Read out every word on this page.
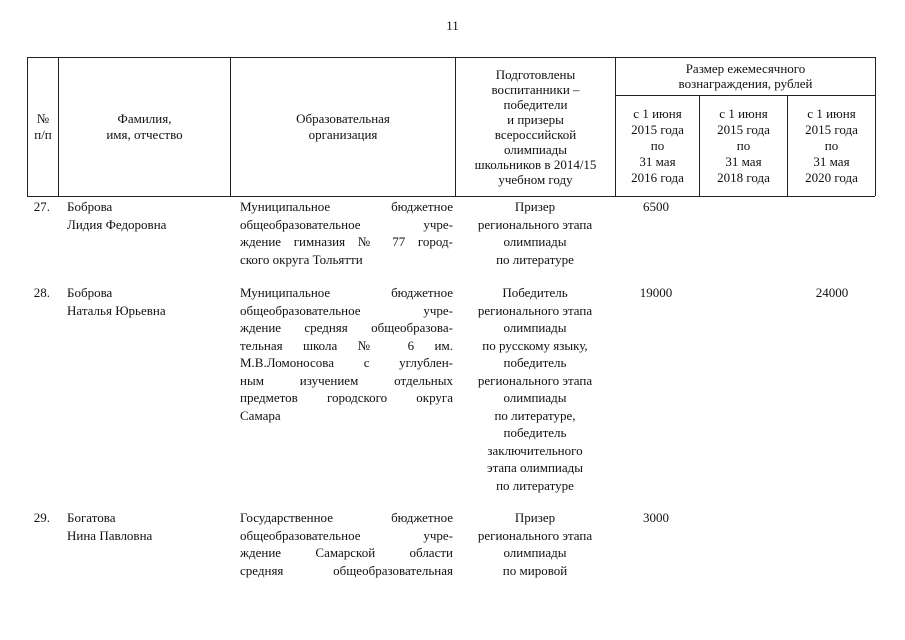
11
№
п/п
Фамилия,
имя, отчество
Образовательная
организация
Подготовлены
воспитанники –
победители
и призеры
всероссийской
олимпиады
школьников в 2014/15
учебном году
Размер ежемесячного
вознаграждения, рублей
с 1 июня
2015 года
по
31 мая
2016 года
с 1 июня
2015 года
по
31 мая
2018 года
с 1 июня
2015 года
по
31 мая
2020 года
27. Боброва
Лидия Федоровна
Муниципальное бюджетное
общеобразовательное учре-
ждение гимназия № 77 город-
ского округа Тольятти
Призер
регионального этапа
олимпиады
по литературе
6500
28. Боброва
Наталья Юрьевна
Муниципальное бюджетное
общеобразовательное учре-
ждение средняя общеобразова-
тельная школа № 6 им.
М.В.Ломоносова с углублен-
ным изучением отдельных
предметов городского округа
Самара
Победитель
регионального этапа
олимпиады
по русскому языку,
победитель
регионального этапа
олимпиады
по литературе,
победитель
заключительного
этапа олимпиады
по литературе
19000	24000
29. Богатова
Нина Павловна
Государственное бюджетное
общеобразовательное учре-
ждение Самарской области
средняя общеобразовательная
Призер
регионального этапа
олимпиады
по мировой
3000
